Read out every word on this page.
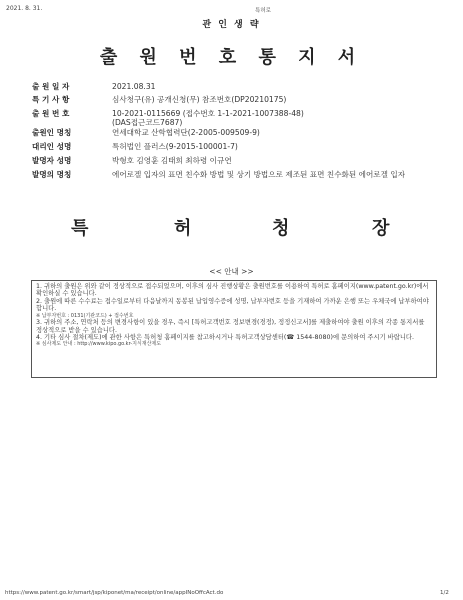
2021. 8. 31.	특허로
관 인 생 략
출 원 번 호 통 지 서
출 원 일 자	2021.08.31
특 기 사 항	심사청구(유) 공개신청(무) 참조번호(DP20210175)
출 원 번 호	10-2021-0115669 (접수번호 1-1-2021-1007388-48)
(DAS접근코드7687)
출원인 명칭	연세대학교 산학협력단(2-2005-009509-9)
대리인 성명	특허법인 플러스(9-2015-100001-7)
발명자 성명	박형호 김영훈 김태희 최하령 이규연
발명의 명칭	에어로겔 입자의 표면 친수화 방법 및 상기 방법으로 제조된 표면 친수화된 에어로겔 입자
특	허	청	장
<< 안내 >>

1. 귀하의 출원은 위와 같이 정상적으로 접수되었으며, 이후의 심사 진행상황은 출원번호를 이용하여 특허로 홈페이지(www.patent.go.kr)에서 확인하실 수 있습니다.

2. 출원에 따른 수수료는 접수일로부터 다음날까지 동봉된 납입영수증에 성명, 납부자번호 등을 기재하여 가까운 은행 또는 우체국에 납부하여야 합니다.

※ 납부자번호 : 0131(기관코드) + 접수번호

3. 귀하의 주소, 연락처 등의 변경사항이 있을 경우, 즉시 [특허고객번호 정보변경(경정), 정정신고서]를 제출하여야 출원 이후의 각종 통지서를 정상적으로 받을 수 있습니다.

4. 기타 심사 절차(제도)에 관한 사항은 특허청 홈페이지를 참고하시거나 특허고객상담센터(☎ 1544-8080)에 문의하여 주시기 바랍니다.

※ 심사제도 안내 : http://www.kipo.go.kr-지식재산제도

https://www.patent.go.kr/smart/jsp/kiponet/ma/receipt/online/appINoOffcAct.do	1/2
